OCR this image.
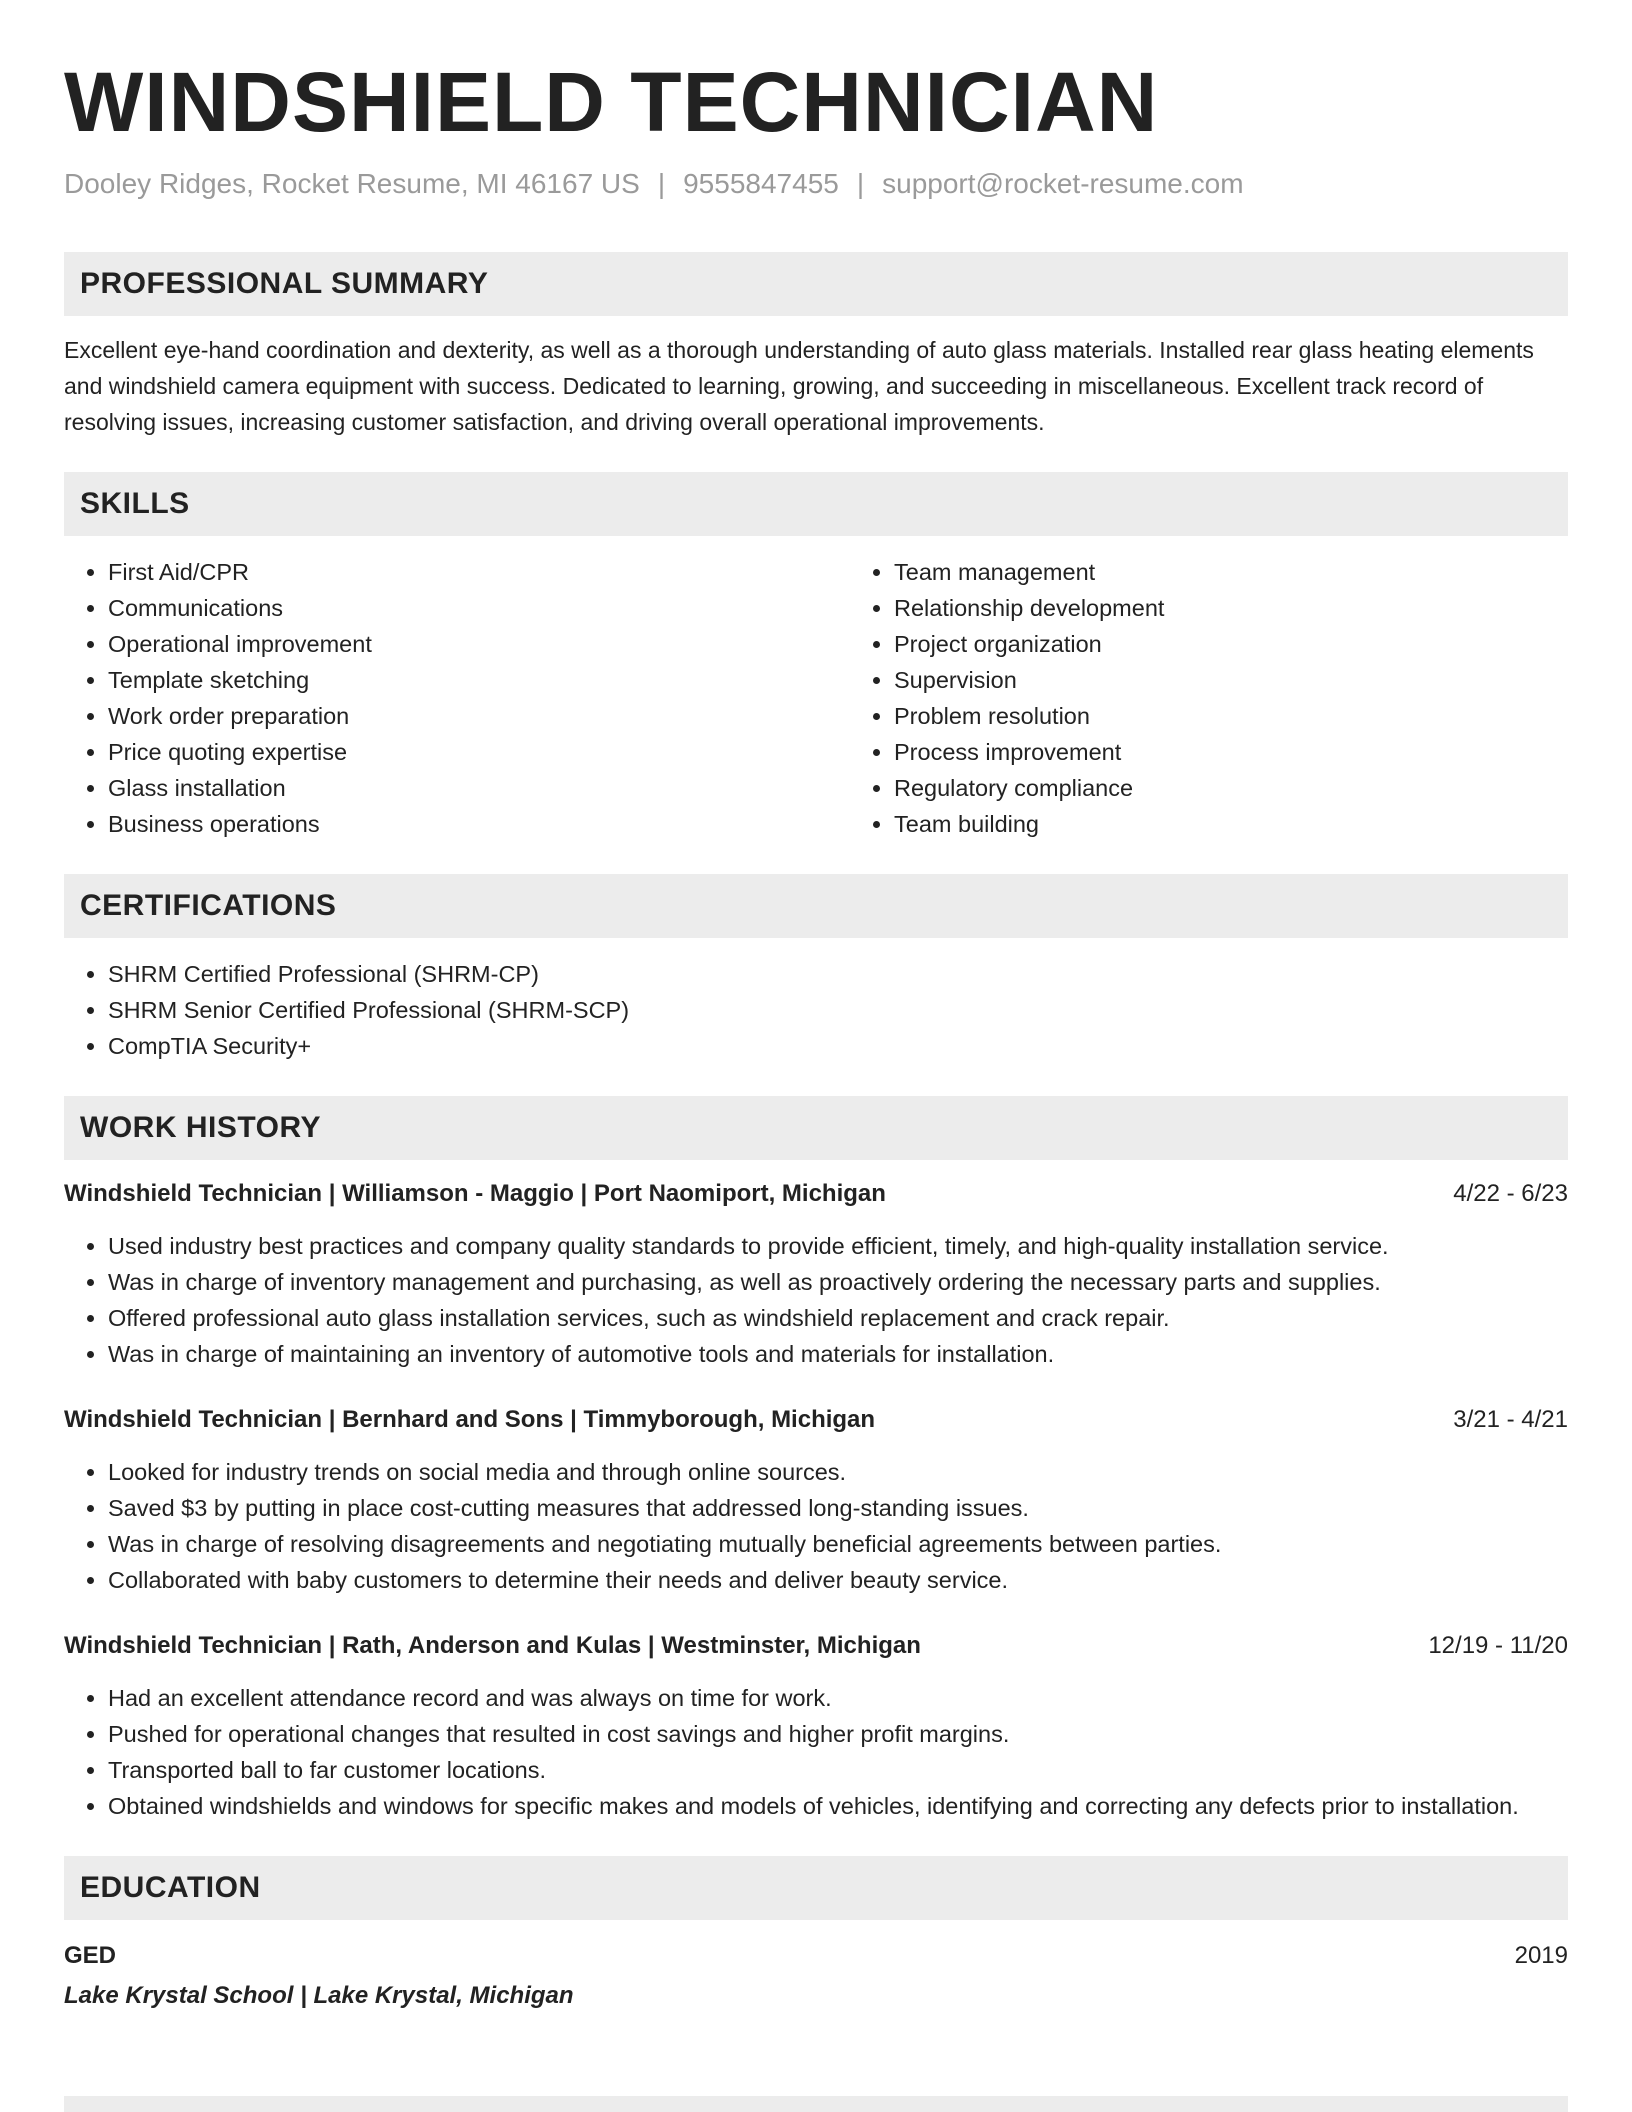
WINDSHIELD TECHNICIAN
Dooley Ridges, Rocket Resume, MI 46167 US | 9555847455 | support@rocket-resume.com
PROFESSIONAL SUMMARY

Excellent eye-hand coordination and dexterity, as well as a thorough understanding of auto glass materials. Installed rear glass heating elements and windshield camera equipment with success. Dedicated to learning, growing, and succeeding in miscellaneous. Excellent track record of resolving issues, increasing customer satisfaction, and driving overall operational improvements.

SKILLS
• First Aid/CPR
• Communications
• Operational improvement
• Template sketching
• Work order preparation
• Price quoting expertise
• Glass installation
• Business operations
• Team management
• Relationship development
• Project organization
• Supervision
• Problem resolution
• Process improvement
• Regulatory compliance
• Team building
CERTIFICATIONS
• SHRM Certified Professional (SHRM-CP)
• SHRM Senior Certified Professional (SHRM-SCP)
• CompTIA Security+
WORK HISTORY
Windshield Technician | Williamson - Maggio | Port Naomiport, Michigan	4/22 - 6/23
• Used industry best practices and company quality standards to provide efficient, timely, and high-quality installation service.
• Was in charge of inventory management and purchasing, as well as proactively ordering the necessary parts and supplies.
• Offered professional auto glass installation services, such as windshield replacement and crack repair.
• Was in charge of maintaining an inventory of automotive tools and materials for installation.
Windshield Technician | Bernhard and Sons | Timmyborough, Michigan	3/21 - 4/21
• Looked for industry trends on social media and through online sources.
• Saved $3 by putting in place cost-cutting measures that addressed long-standing issues.
• Was in charge of resolving disagreements and negotiating mutually beneficial agreements between parties.
• Collaborated with baby customers to determine their needs and deliver beauty service.
Windshield Technician | Rath, Anderson and Kulas | Westminster, Michigan	12/19 - 11/20
• Had an excellent attendance record and was always on time for work.
• Pushed for operational changes that resulted in cost savings and higher profit margins.
• Transported ball to far customer locations.
• Obtained windshields and windows for specific makes and models of vehicles, identifying and correcting any defects prior to installation.
EDUCATION
GED	2019
Lake Krystal School | Lake Krystal, Michigan
